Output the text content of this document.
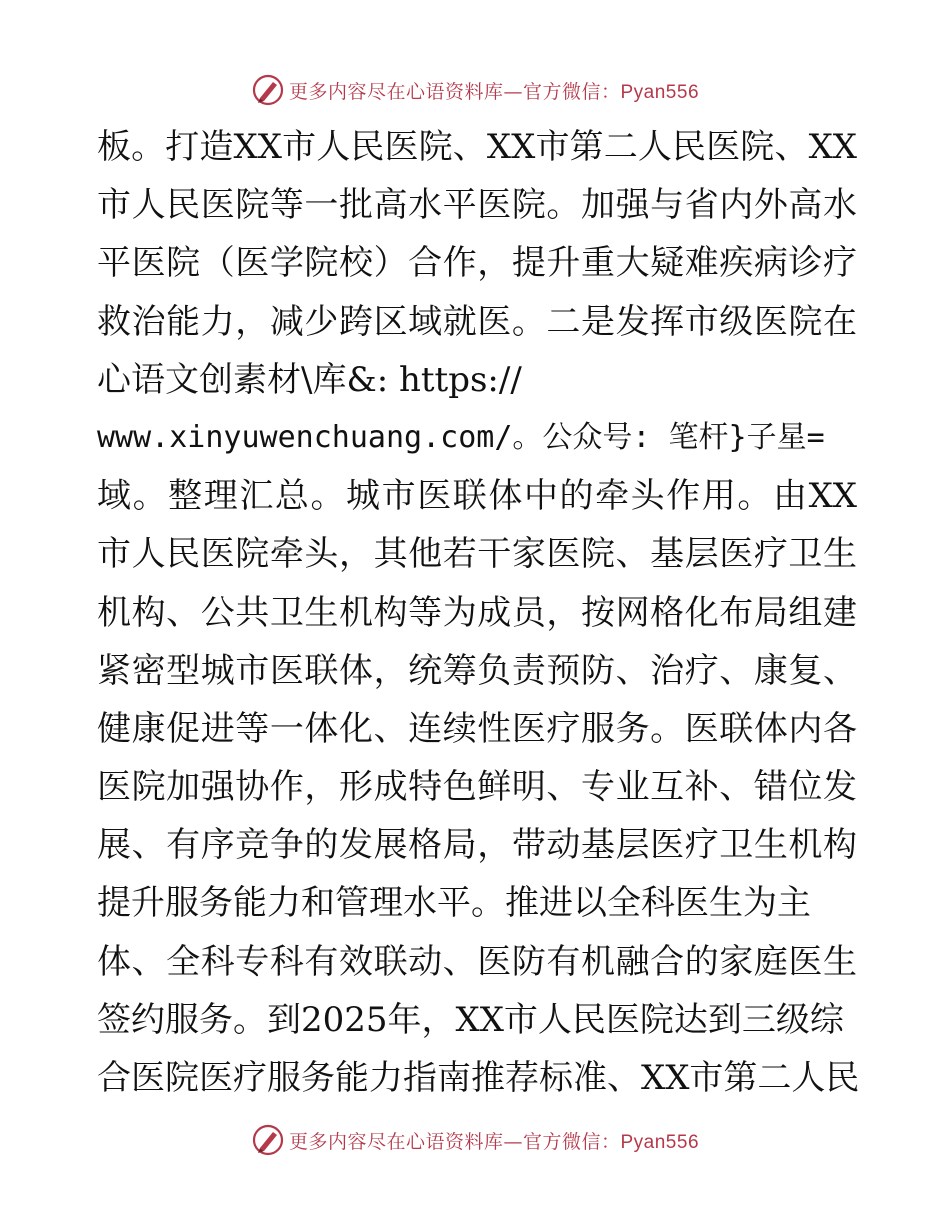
更多内容尽在心语资料库—官方微信：Pyan556
板。打造XX市人民医院、XX市第二人民医院、XX
市人民医院等一批高水平医院。加强与省内外高水
平医院（医学院校）合作，提升重大疑难疾病诊疗
救治能力，减少跨区域就医。二是发挥市级医院在
心语文创素材\库&: https://
www.xinyuwenchuang.com/。公众号: 笔杆}子星=
域。整理汇总。城市医联体中的牵头作用。由XX
市人民医院牵头，其他若干家医院、基层医疗卫生
机构、公共卫生机构等为成员，按网格化布局组建
紧密型城市医联体，统筹负责预防、治疗、康复、
健康促进等一体化、连续性医疗服务。医联体内各
医院加强协作，形成特色鲜明、专业互补、错位发
展、有序竞争的发展格局，带动基层医疗卫生机构
提升服务能力和管理水平。推进以全科医生为主
体、全科专科有效联动、医防有机融合的家庭医生
签约服务。到2025年，XX市人民医院达到三级综
合医院医疗服务能力指南推荐标准、XX市第二人民
更多内容尽在心语资料库—官方微信：Pyan556
